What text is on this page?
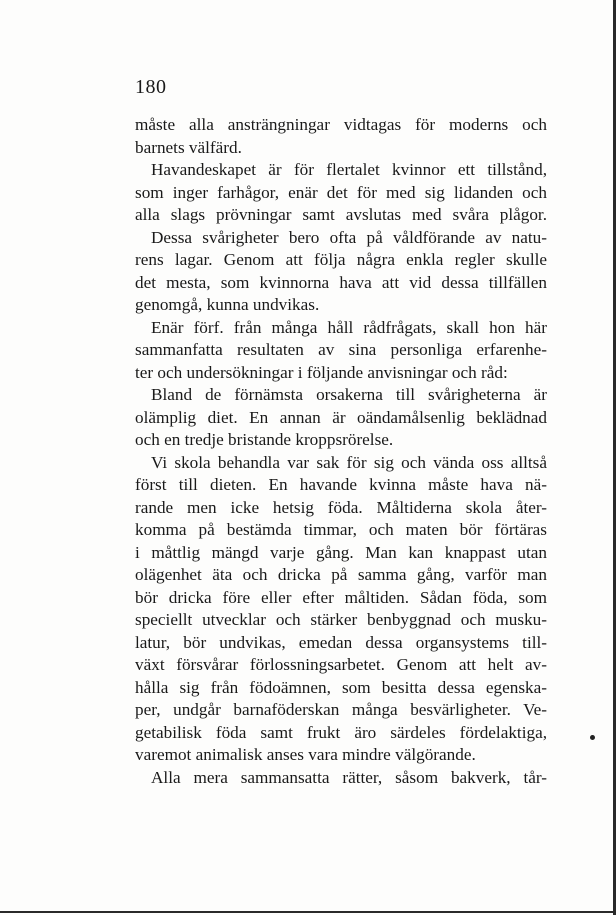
180
måste alla ansträngningar vidtagas för moderns och
barnets välfärd.
Havandeskapet är för flertalet kvinnor ett tillstånd,
som inger farhågor, enär det för med sig lidanden och
alla slags prövningar samt avslutas med svåra plågor.
Dessa svårigheter bero ofta på våldförande av natu-
rens lagar. Genom att följa några enkla regler skulle
det mesta, som kvinnorna hava att vid dessa tillfällen
genomgå, kunna undvikas.
Enär förf. från många håll rådfrågats, skall hon här
sammanfatta resultaten av sina personliga erfarenhe-
ter och undersökningar i följande anvisningar och råd:
Bland de förnämsta orsakerna till svårigheterna är
olämplig diet. En annan är oändamålsenlig beklädnad
och en tredje bristande kroppsrörelse.
Vi skola behandla var sak för sig och vända oss alltså
först till dieten. En havande kvinna måste hava nä-
rande men icke hetsig föda. Måltiderna skola åter-
komma på bestämda timmar, och maten bör förtäras
i måttlig mängd varje gång. Man kan knappast utan
olägenhet äta och dricka på samma gång, varför man
bör dricka före eller efter måltiden. Sådan föda, som
speciellt utvecklar och stärker benbyggnad och musku-
latur, bör undvikas, emedan dessa organsystems till-
växt försvårar förlossningsarbetet. Genom att helt av-
hålla sig från födoämnen, som besitta dessa egenska-
per, undgår barnaföderskan många besvärligheter. Ve-
getabilisk föda samt frukt äro särdeles fördelaktiga,
varemot animalisk anses vara mindre välgörande.
Alla mera sammansatta rätter, såsom bakverk, tår-
